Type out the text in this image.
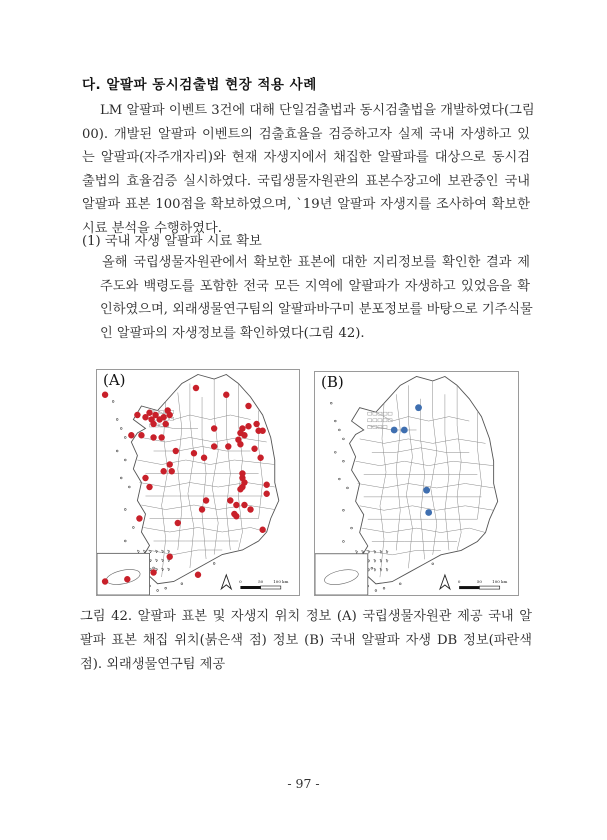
다. 알팔파 동시검출법 현장 적용 사례
LM 알팔파 이벤트 3건에 대해 단일검출법과 동시검출법을 개발하였다(그림
00). 개발된 알팔파 이벤트의 검출효율을 검증하고자 실제 국내 자생하고 있
는 알팔파(자주개자리)와 현재 자생지에서 채집한 알팔파를 대상으로 동시검
출법의 효율검증 실시하였다. 국립생물자원관의 표본수장고에 보관중인 국내
알팔파 표본 100점을 확보하였으며, `19년 알팔파 자생지를 조사하여 확보한
시료 분석을 수행하였다.
(1) 국내 자생 알팔파 시료 확보
올해 국립생물자원관에서 확보한 표본에 대한 지리정보를 확인한 결과 제
주도와 백령도를 포함한 전국 모든 지역에 알팔파가 자생하고 있었음을 확
인하였으며, 외래생물연구팀의 알팔파바구미 분포정보를 바탕으로 기주식물
인 알팔파의 자생정보를 확인하였다(그림 42).
0	50	100 km
(A)
0	50	100 km
(B)
그림 42. 알팔파 표본 및 자생지 위치 정보 (A) 국립생물자원관 제공 국내 알
팔파 표본 채집 위치(붉은색 점) 정보 (B) 국내 알팔파 자생 DB 정보(파란색
점). 외래생물연구팀 제공
- 97 -
